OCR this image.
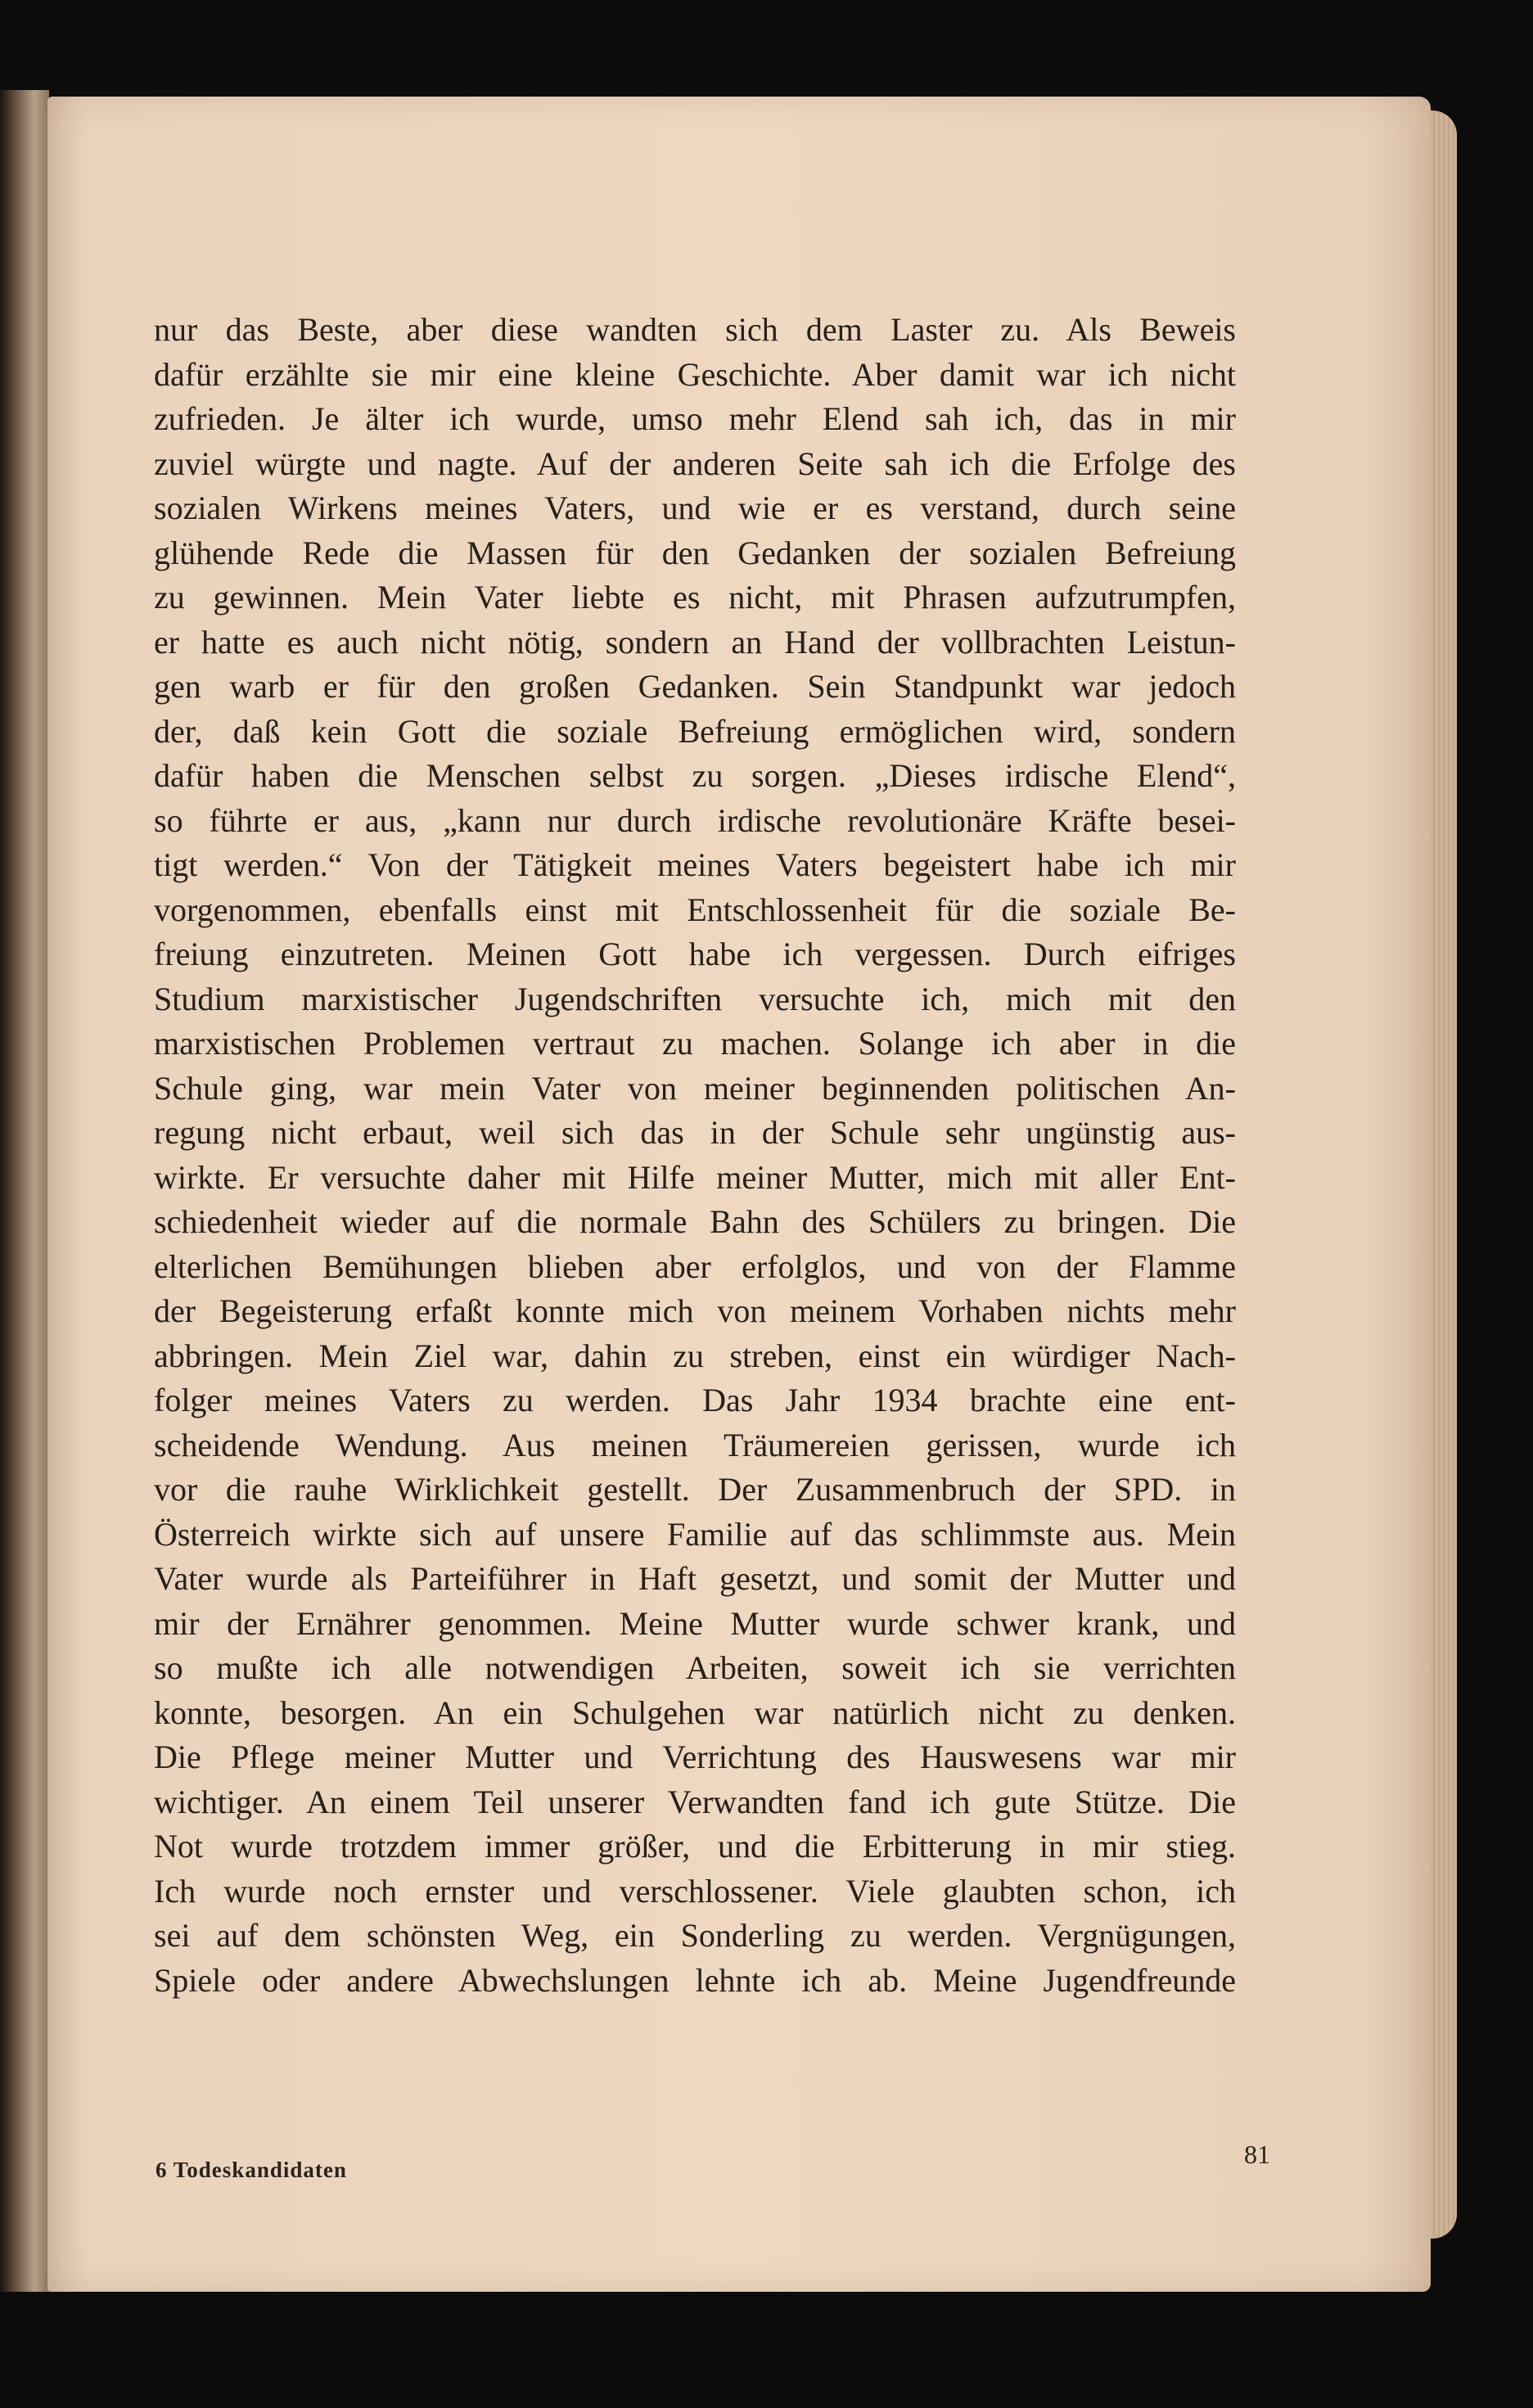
nur das Beste, aber diese wandten sich dem Laster zu. Als Beweis
dafür erzählte sie mir eine kleine Geschichte. Aber damit war ich nicht
zufrieden. Je älter ich wurde, umso mehr Elend sah ich, das in mir
zuviel würgte und nagte. Auf der anderen Seite sah ich die Erfolge des
sozialen Wirkens meines Vaters, und wie er es verstand, durch seine
glühende Rede die Massen für den Gedanken der sozialen Befreiung
zu gewinnen. Mein Vater liebte es nicht, mit Phrasen aufzutrumpfen,
er hatte es auch nicht nötig, sondern an Hand der vollbrachten Leistun-
gen warb er für den großen Gedanken. Sein Standpunkt war jedoch
der, daß kein Gott die soziale Befreiung ermöglichen wird, sondern
dafür haben die Menschen selbst zu sorgen. „Dieses irdische Elend“,
so führte er aus, „kann nur durch irdische revolutionäre Kräfte besei-
tigt werden.“ Von der Tätigkeit meines Vaters begeistert habe ich mir
vorgenommen, ebenfalls einst mit Entschlossenheit für die soziale Be-
freiung einzutreten. Meinen Gott habe ich vergessen. Durch eifriges
Studium marxistischer Jugendschriften versuchte ich, mich mit den
marxistischen Problemen vertraut zu machen. Solange ich aber in die
Schule ging, war mein Vater von meiner beginnenden politischen An-
regung nicht erbaut, weil sich das in der Schule sehr ungünstig aus-
wirkte. Er versuchte daher mit Hilfe meiner Mutter, mich mit aller Ent-
schiedenheit wieder auf die normale Bahn des Schülers zu bringen. Die
elterlichen Bemühungen blieben aber erfolglos, und von der Flamme
der Begeisterung erfaßt konnte mich von meinem Vorhaben nichts mehr
abbringen. Mein Ziel war, dahin zu streben, einst ein würdiger Nach-
folger meines Vaters zu werden. Das Jahr 1934 brachte eine ent-
scheidende Wendung. Aus meinen Träumereien gerissen, wurde ich
vor die rauhe Wirklichkeit gestellt. Der Zusammenbruch der SPD. in
Österreich wirkte sich auf unsere Familie auf das schlimmste aus. Mein
Vater wurde als Parteiführer in Haft gesetzt, und somit der Mutter und
mir der Ernährer genommen. Meine Mutter wurde schwer krank, und
so mußte ich alle notwendigen Arbeiten, soweit ich sie verrichten
konnte, besorgen. An ein Schulgehen war natürlich nicht zu denken.
Die Pflege meiner Mutter und Verrichtung des Hauswesens war mir
wichtiger. An einem Teil unserer Verwandten fand ich gute Stütze. Die
Not wurde trotzdem immer größer, und die Erbitterung in mir stieg.
Ich wurde noch ernster und verschlossener. Viele glaubten schon, ich
sei auf dem schönsten Weg, ein Sonderling zu werden. Vergnügungen,
Spiele oder andere Abwechslungen lehnte ich ab. Meine Jugendfreunde
6 Todeskandidaten
81
